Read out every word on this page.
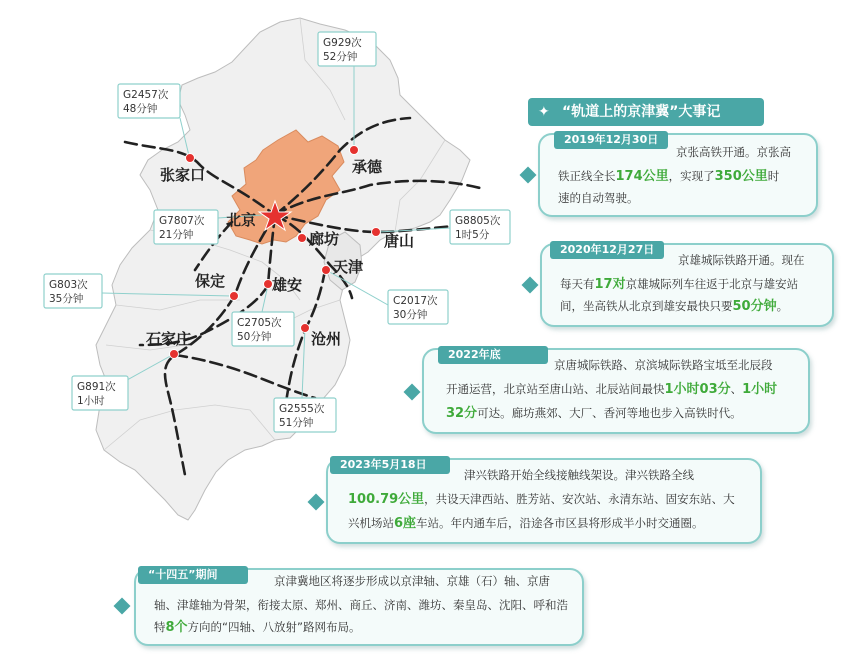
张家口	承德
北京
廊坊	唐山
天津
保定	雄安
石家庄	沧州
G929次
52分钟
G2457次
48分钟
G7807次
21分钟
G8805次
1时5分
G803次
35分钟	C2017次
30分钟
C2705次
50分钟
G891次
1小时
G2555次
51分钟
✦ “轨道上的京津冀”大事记
2019年12月30日
京张高铁开通。京张高
铁正线全长174公里，实现了350公里时
速的自动驾驶。
2020年12月27日
京雄城际铁路开通。现在
每天有17对京雄城际列车往返于北京与雄安站
间，坐高铁从北京到雄安最快只要50分钟。
2022年底
京唐城际铁路、京滨城际铁路宝坻至北辰段
开通运营，北京站至唐山站、北辰站间最快1小时03分、1小时
32分可达。廊坊燕郊、大厂、香河等地也步入高铁时代。
2023年5月18日
津兴铁路开始全线接触线架设。津兴铁路全线
100.79公里，共设天津西站、胜芳站、安次站、永清东站、固安东站、大
兴机场站6座车站。年内通车后，沿途各市区县将形成半小时交通圈。
“十四五”期间	京津冀地区将逐步形成以京津轴、京雄（石）轴、京唐
轴、津雄轴为骨架，衔接太原、郑州、商丘、济南、潍坊、秦皇岛、沈阳、呼和浩
特8个方向的“四轴、八放射”路网布局。
